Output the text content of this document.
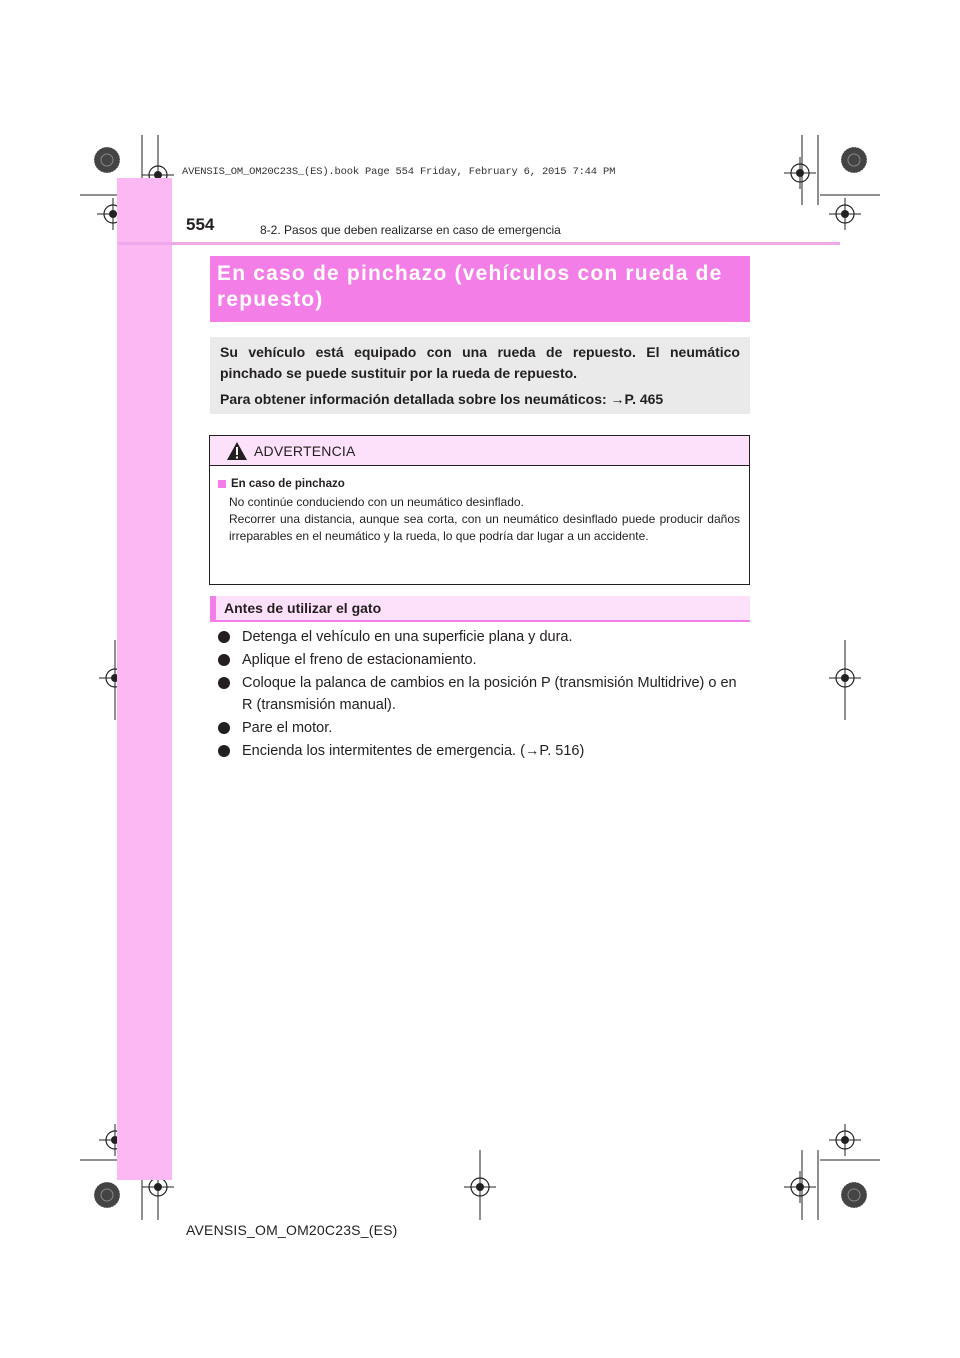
AVENSIS_OM_OM20C23S_(ES).book Page 554 Friday, February 6, 2015 7:44 PM
554	8-2. Pasos que deben realizarse en caso de emergencia
En caso de pinchazo (vehículos con rueda de
repuesto)

Su vehículo está equipado con una rueda de repuesto. El neumático pinchado se puede sustituir por la rueda de repuesto.

Para obtener información detallada sobre los neumáticos: →P. 465

ADVERTENCIA
En caso de pinchazo
No continúe conduciendo con un neumático desinflado.
Recorrer una distancia, aunque sea corta, con un neumático desinflado puede producir daños irreparables en el neumático y la rueda, lo que podría dar lugar a un accidente.
Antes de utilizar el gato
Detenga el vehículo en una superficie plana y dura.
Aplique el freno de estacionamiento.
Coloque la palanca de cambios en la posición P (transmisión Multidrive) o en R (transmisión manual).
Pare el motor.
Encienda los intermitentes de emergencia. (→P. 516)
AVENSIS_OM_OM20C23S_(ES)
